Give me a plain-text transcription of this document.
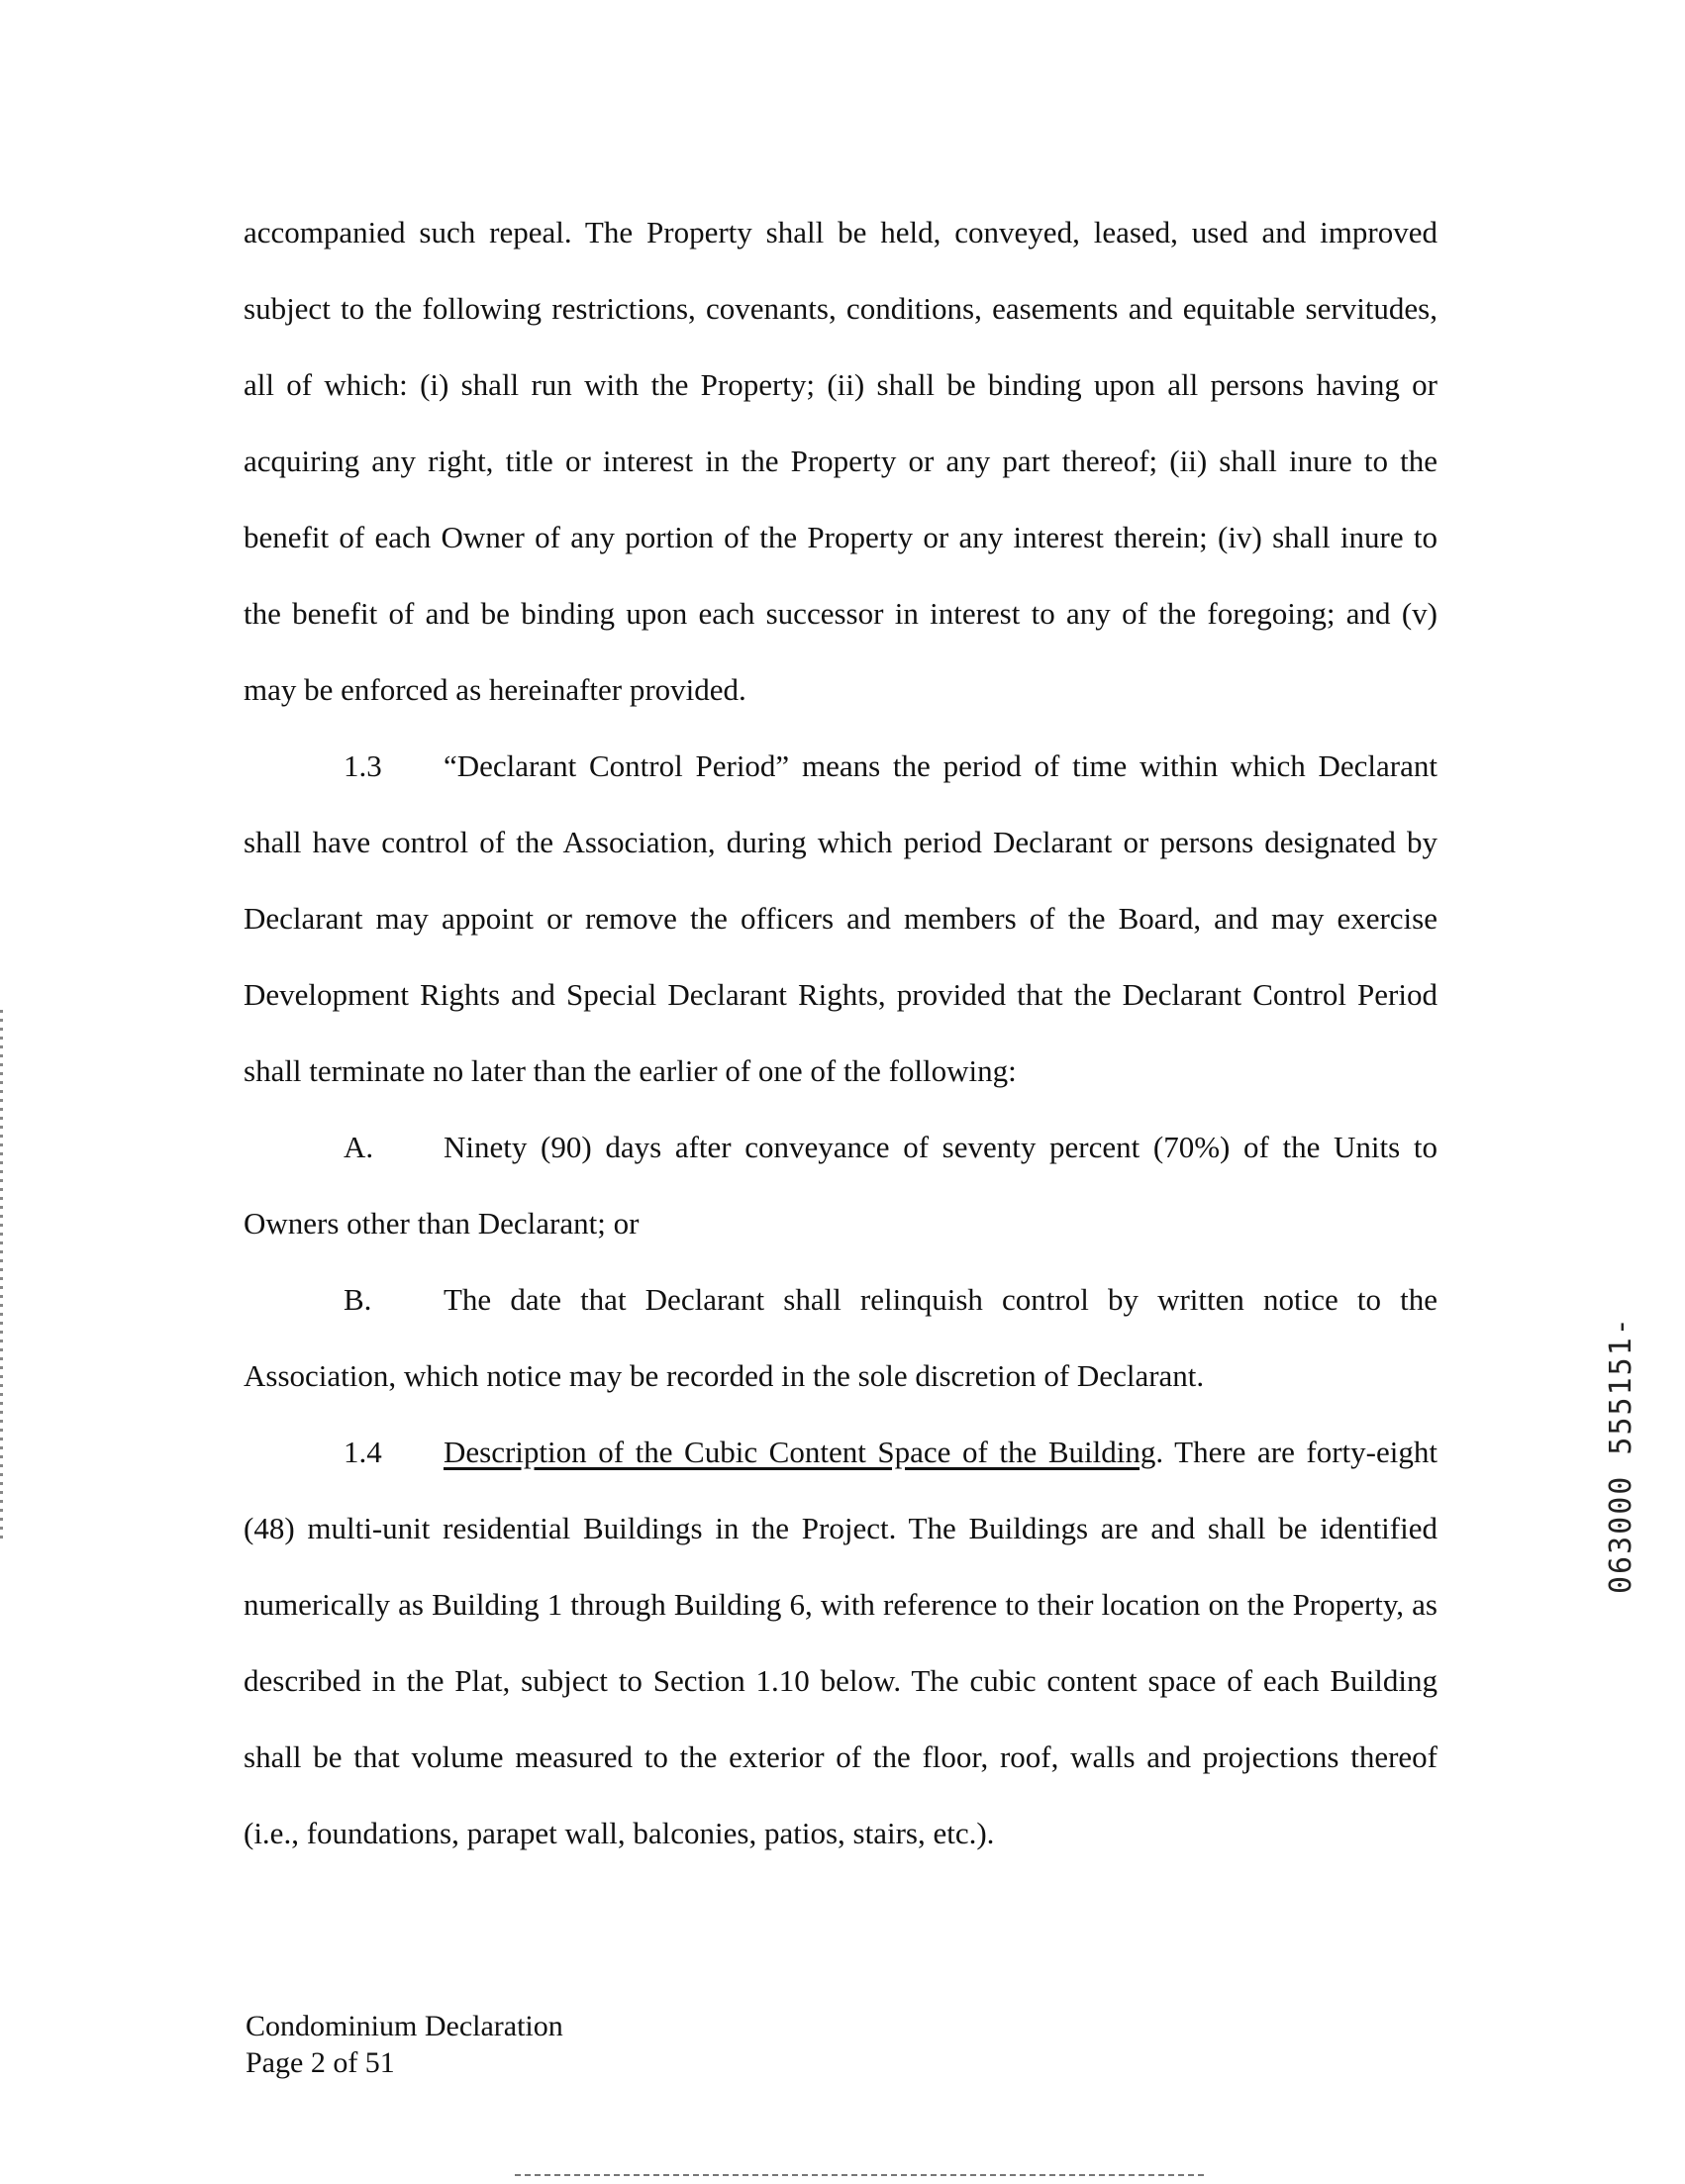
accompanied such repeal. The Property shall be held, conveyed, leased, used and improved subject to the following restrictions, covenants, conditions, easements and equitable servitudes, all of which: (i) shall run with the Property; (ii) shall be binding upon all persons having or acquiring any right, title or interest in the Property or any part thereof; (ii) shall inure to the benefit of each Owner of any portion of the Property or any interest therein; (iv) shall inure to the benefit of and be binding upon each successor in interest to any of the foregoing; and (v) may be enforced as hereinafter provided.

1.3 “Declarant Control Period” means the period of time within which Declarant shall have control of the Association, during which period Declarant or persons designated by Declarant may appoint or remove the officers and members of the Board, and may exercise Development Rights and Special Declarant Rights, provided that the Declarant Control Period shall terminate no later than the earlier of one of the following:

A. Ninety (90) days after conveyance of seventy percent (70%) of the Units to Owners other than Declarant; or

B. The date that Declarant shall relinquish control by written notice to the Association, which notice may be recorded in the sole discretion of Declarant.

1.4 Description of the Cubic Content Space of the Building. There are forty-eight (48) multi-unit residential Buildings in the Project. The Buildings are and shall be identified numerically as Building 1 through Building 6, with reference to their location on the Property, as described in the Plat, subject to Section 1.10 below. The cubic content space of each Building shall be that volume measured to the exterior of the floor, roof, walls and projections thereof (i.e., foundations, parapet wall, balconies, patios, stairs, etc.).

Condominium Declaration
Page 2 of 51
063000 555151-
